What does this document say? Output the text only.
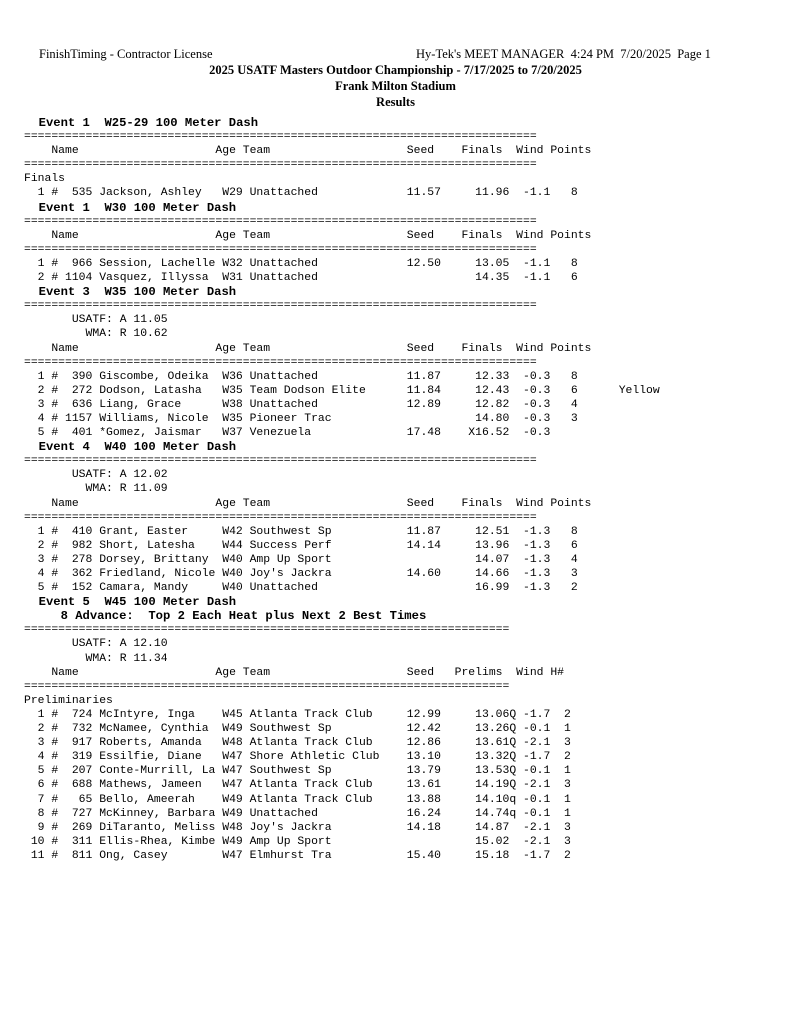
FinishTiming - Contractor License	Hy-Tek's MEET MANAGER  4:24 PM  7/20/2025  Page 1
2025 USATF Masters Outdoor Championship - 7/17/2025 to 7/20/2025
Frank Milton Stadium
Results
Event 1  W25-29 100 Meter Dash
===========================================================================
Name                    Age Team                    Seed    Finals  Wind Points
===========================================================================
Finals
1 #  535 Jackson, Ashley   W29 Unattached             11.57     11.96  -1.1   8
Event 1  W30 100 Meter Dash
===========================================================================
Name                    Age Team                    Seed    Finals  Wind Points
===========================================================================
1 #  966 Session, Lachelle W32 Unattached             12.50     13.05  -1.1   8
2 # 1104 Vasquez, Illyssa  W31 Unattached                       14.35  -1.1   6
Event 3  W35 100 Meter Dash
===========================================================================
USATF: A 11.05
WMA: R 10.62
Name                    Age Team                    Seed    Finals  Wind Points
===========================================================================
1 #  390 Giscombe, Odeika  W36 Unattached             11.87     12.33  -0.3   8
2 #  272 Dodson, Latasha   W35 Team Dodson Elite      11.84     12.43  -0.3   6      Yellow
3 #  636 Liang, Grace      W38 Unattached             12.89     12.82  -0.3   4
4 # 1157 Williams, Nicole  W35 Pioneer Trac                     14.80  -0.3   3
5 #  401 *Gomez, Jaismar   W37 Venezuela              17.48    X16.52  -0.3
Event 4  W40 100 Meter Dash
===========================================================================
USATF: A 12.02
WMA: R 11.09
Name                    Age Team                    Seed    Finals  Wind Points
===========================================================================
1 #  410 Grant, Easter     W42 Southwest Sp           11.87     12.51  -1.3   8
2 #  982 Short, Latesha    W44 Success Perf           14.14     13.96  -1.3   6
3 #  278 Dorsey, Brittany  W40 Amp Up Sport                     14.07  -1.3   4
4 #  362 Friedland, Nicole W40 Joy's Jackra           14.60     14.66  -1.3   3
5 #  152 Camara, Mandy     W40 Unattached                       16.99  -1.3   2
Event 5  W45 100 Meter Dash
8 Advance:  Top 2 Each Heat plus Next 2 Best Times
=======================================================================
USATF: A 12.10
WMA: R 11.34
Name                    Age Team                    Seed   Prelims  Wind H#
=======================================================================
Preliminaries
1 #  724 McIntyre, Inga    W45 Atlanta Track Club     12.99     13.06Q -1.7  2
2 #  732 McNamee, Cynthia  W49 Southwest Sp           12.42     13.26Q -0.1  1
3 #  917 Roberts, Amanda   W48 Atlanta Track Club     12.86     13.61Q -2.1  3
4 #  319 Essilfie, Diane   W47 Shore Athletic Club    13.10     13.32Q -1.7  2
5 #  207 Conte-Murrill, La W47 Southwest Sp           13.79     13.53Q -0.1  1
6 #  688 Mathews, Jameen   W47 Atlanta Track Club     13.61     14.19Q -2.1  3
7 #   65 Bello, Ameerah    W49 Atlanta Track Club     13.88     14.10q -0.1  1
8 #  727 McKinney, Barbara W49 Unattached             16.24     14.74q -0.1  1
9 #  269 DiTaranto, Meliss W48 Joy's Jackra           14.18     14.87  -2.1  3
10 #  311 Ellis-Rhea, Kimbe W49 Amp Up Sport                     15.02  -2.1  3
11 #  811 Ong, Casey        W47 Elmhurst Tra           15.40     15.18  -1.7  2
